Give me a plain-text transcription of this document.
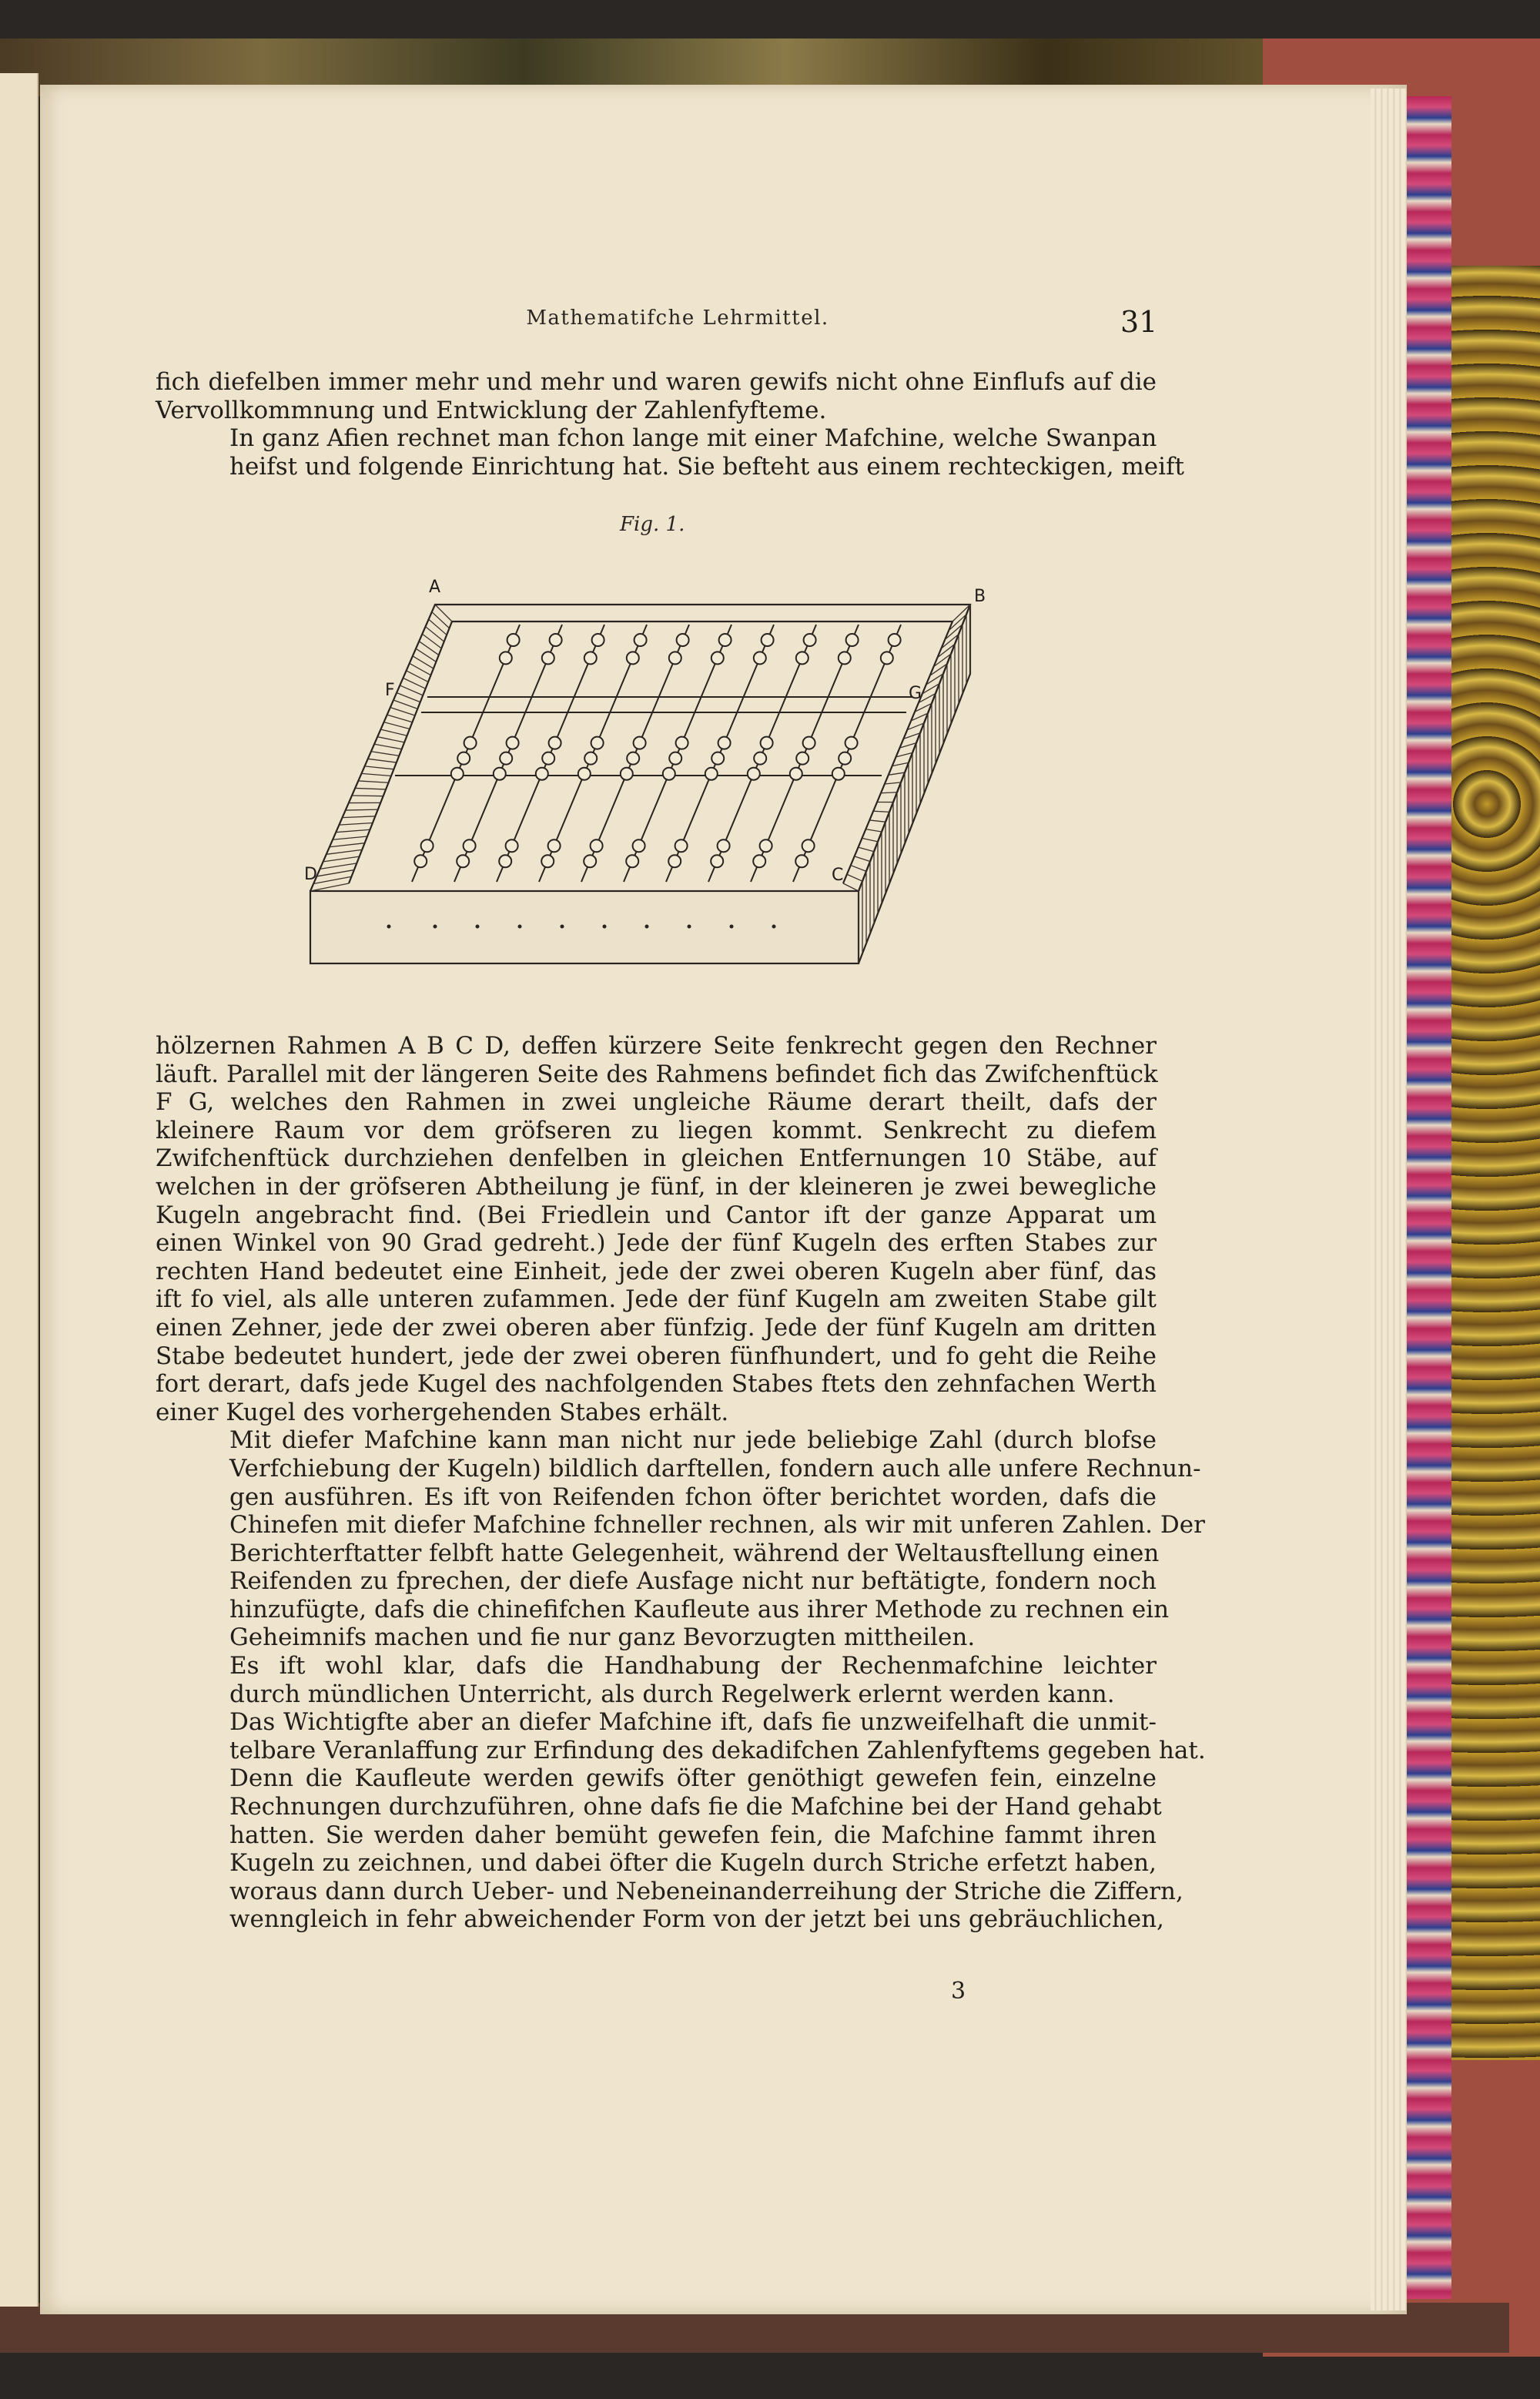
Mathematifche Lehrmittel.	31

fich diefelben immer mehr und mehr und waren gewifs nicht ohne Einflufs auf die
Vervollkommnung und Entwicklung der Zahlenfyfteme.

In ganz Afien rechnet man fchon lange mit einer Mafchine, welche Swanpan
heifst und folgende Einrichtung hat. Sie befteht aus einem rechteckigen, meift

Fig. 1.
A	B
C
D
F	G

hölzernen Rahmen A B C D, deffen kürzere Seite fenkrecht gegen den Rechner
läuft. Parallel mit der längeren Seite des Rahmens befindet fich das Zwifchenftück
F G, welches den Rahmen in zwei ungleiche Räume derart theilt, dafs der
kleinere Raum vor dem gröfseren zu liegen kommt. Senkrecht zu diefem
Zwifchenftück durchziehen denfelben in gleichen Entfernungen 10 Stäbe, auf
welchen in der gröfseren Abtheilung je fünf, in der kleineren je zwei bewegliche
Kugeln angebracht find. (Bei Friedlein und Cantor ift der ganze Apparat um
einen Winkel von 90 Grad gedreht.) Jede der fünf Kugeln des erften Stabes zur
rechten Hand bedeutet eine Einheit, jede der zwei oberen Kugeln aber fünf, das
ift fo viel, als alle unteren zufammen. Jede der fünf Kugeln am zweiten Stabe gilt
einen Zehner, jede der zwei oberen aber fünfzig. Jede der fünf Kugeln am dritten
Stabe bedeutet hundert, jede der zwei oberen fünfhundert, und fo geht die Reihe
fort derart, dafs jede Kugel des nachfolgenden Stabes ftets den zehnfachen Werth
einer Kugel des vorhergehenden Stabes erhält.

Mit diefer Mafchine kann man nicht nur jede beliebige Zahl (durch blofse
Verfchiebung der Kugeln) bildlich darftellen, fondern auch alle unfere Rechnun-
gen ausführen. Es ift von Reifenden fchon öfter berichtet worden, dafs die
Chinefen mit diefer Mafchine fchneller rechnen, als wir mit unferen Zahlen. Der
Berichterftatter felbft hatte Gelegenheit, während der Weltausftellung einen
Reifenden zu fprechen, der diefe Ausfage nicht nur beftätigte, fondern noch
hinzufügte, dafs die chinefifchen Kaufleute aus ihrer Methode zu rechnen ein
Geheimnifs machen und fie nur ganz Bevorzugten mittheilen.

Es ift wohl klar, dafs die Handhabung der Rechenmafchine leichter
durch mündlichen Unterricht, als durch Regelwerk erlernt werden kann.

Das Wichtigfte aber an diefer Mafchine ift, dafs fie unzweifelhaft die unmit-
telbare Veranlaffung zur Erfindung des dekadifchen Zahlenfyftems gegeben hat.
Denn die Kaufleute werden gewifs öfter genöthigt gewefen fein, einzelne
Rechnungen durchzuführen, ohne dafs fie die Mafchine bei der Hand gehabt
hatten. Sie werden daher bemüht gewefen fein, die Mafchine fammt ihren
Kugeln zu zeichnen, und dabei öfter die Kugeln durch Striche erfetzt haben,
woraus dann durch Ueber- und Nebeneinanderreihung der Striche die Ziffern,
wenngleich in fehr abweichender Form von der jetzt bei uns gebräuchlichen,

3
